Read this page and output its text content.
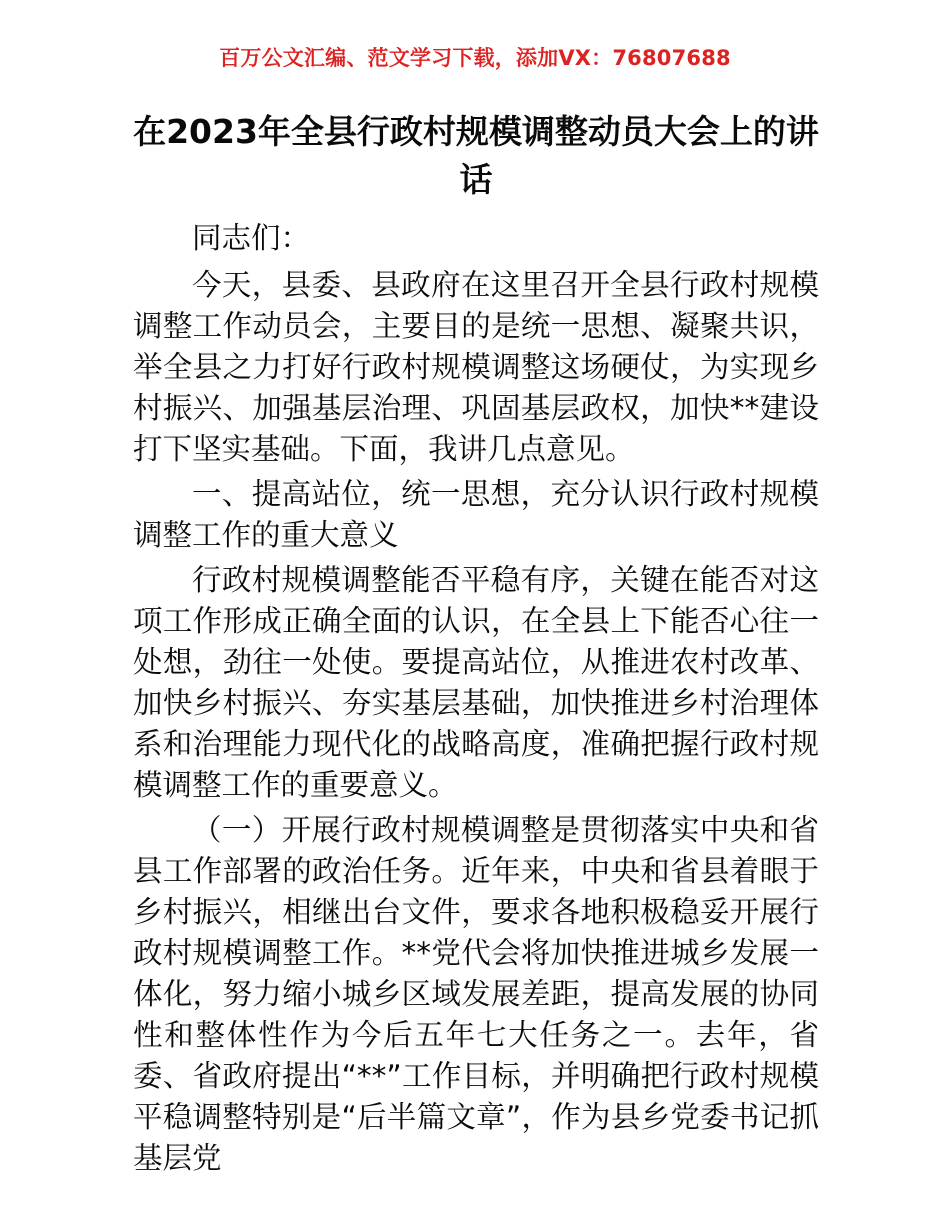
百万公文汇编、范文学习下载，添加VX：76807688
在2023年全县行政村规模调整动员大会上的讲话

同志们：

今天，县委、县政府在这里召开全县行政村规模调整工作动员会，主要目的是统一思想、凝聚共识，举全县之力打好行政村规模调整这场硬仗，为实现乡村振兴、加强基层治理、巩固基层政权，加快**建设打下坚实基础。下面，我讲几点意见。

一、提高站位，统一思想，充分认识行政村规模调整工作的重大意义

行政村规模调整能否平稳有序，关键在能否对这项工作形成正确全面的认识，在全县上下能否心往一处想，劲往一处使。要提高站位，从推进农村改革、加快乡村振兴、夯实基层基础，加快推进乡村治理体系和治理能力现代化的战略高度，准确把握行政村规模调整工作的重要意义。

（一）开展行政村规模调整是贯彻落实中央和省县工作部署的政治任务。近年来，中央和省县着眼于乡村振兴，相继出台文件，要求各地积极稳妥开展行政村规模调整工作。**党代会将加快推进城乡发展一体化，努力缩小城乡区域发展差距，提高发展的协同性和整体性作为今后五年七大任务之一。去年，省委、省政府提出“**”工作目标，并明确把行政村规模平稳调整特别是“后半篇文章”，作为县乡党委书记抓基层党
